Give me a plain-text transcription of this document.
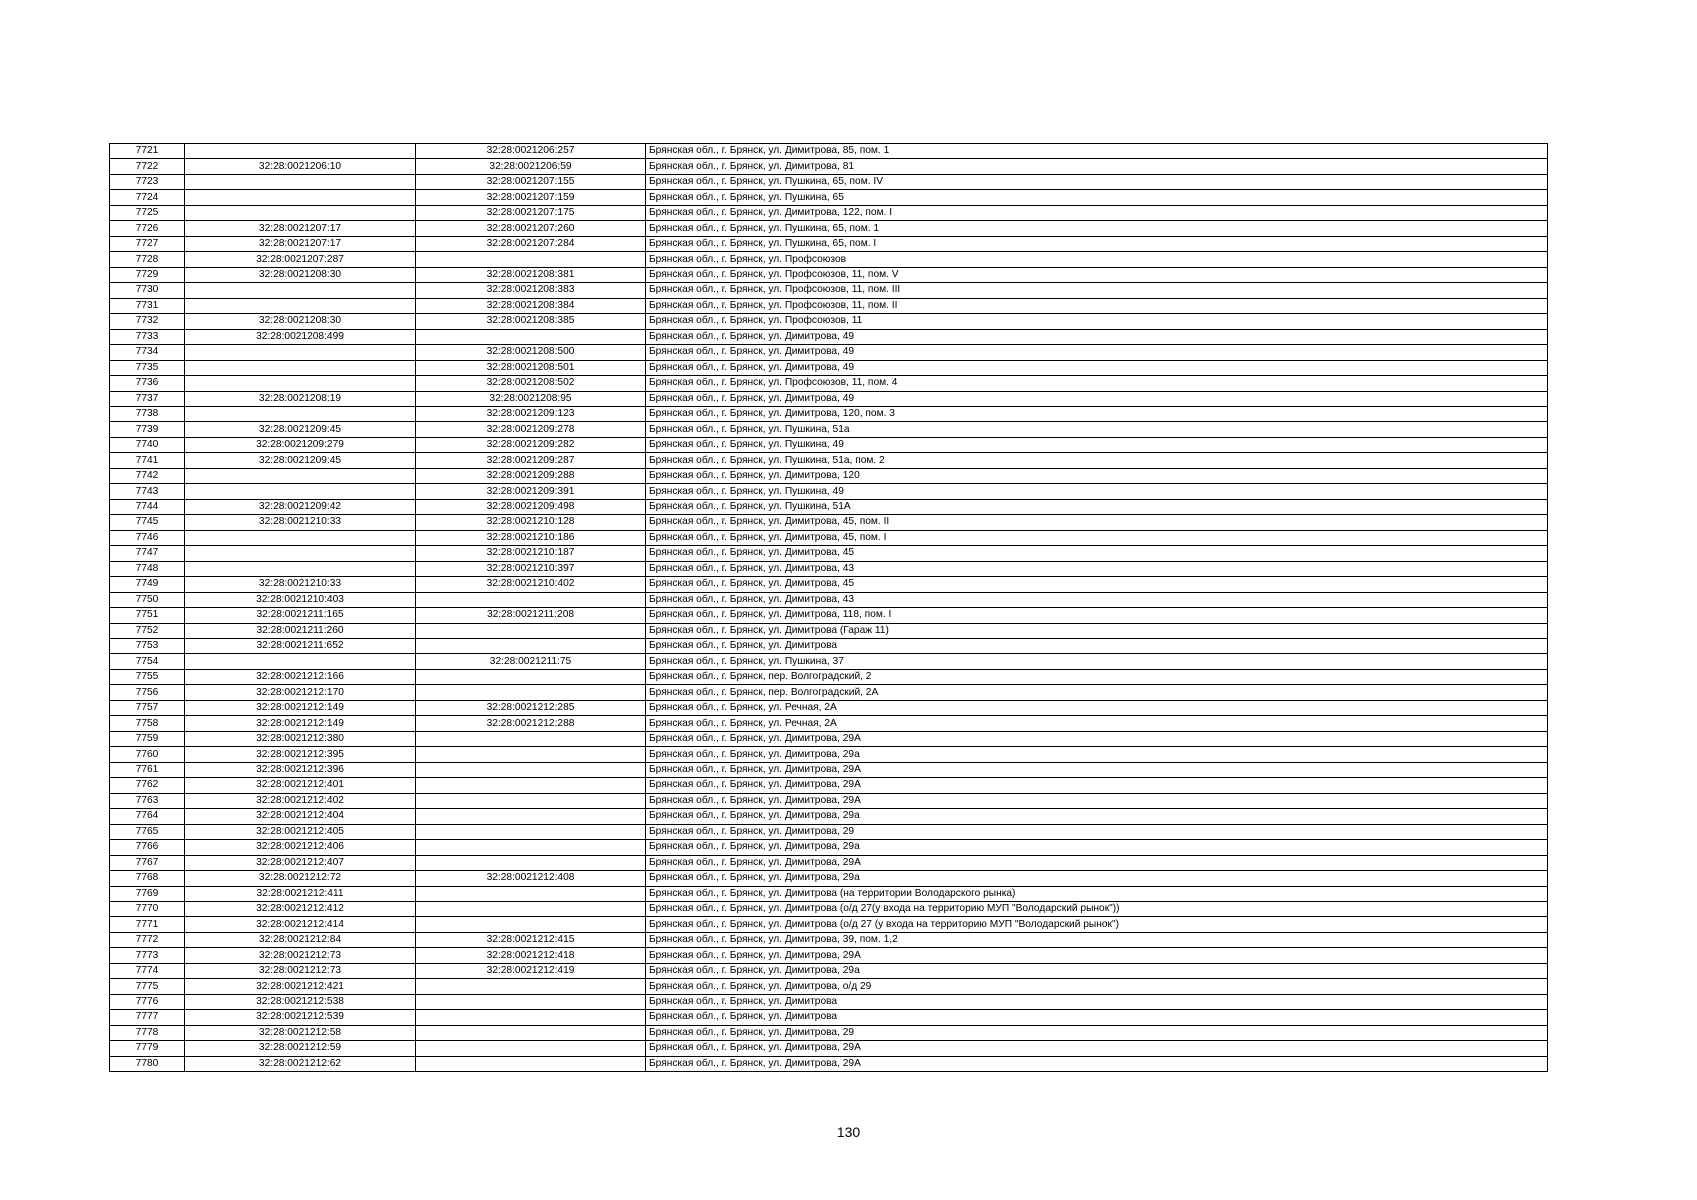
7721		32:28:0021206:257	Брянская обл., г. Брянск, ул. Димитрова, 85, пом. 1
7722	32:28:0021206:10	32:28:0021206:59	Брянская обл., г. Брянск, ул. Димитрова, 81
7723		32:28:0021207:155	Брянская обл., г. Брянск, ул. Пушкина, 65, пом. IV
7724		32:28:0021207:159	Брянская обл., г. Брянск, ул. Пушкина, 65
7725		32:28:0021207:175	Брянская обл., г. Брянск, ул. Димитрова, 122, пом. I
7726	32:28:0021207:17	32:28:0021207:260	Брянская обл., г. Брянск, ул. Пушкина, 65, пом. 1
7727	32:28:0021207:17	32:28:0021207:284	Брянская обл., г. Брянск, ул. Пушкина, 65, пом. I
7728	32:28:0021207:287		Брянская обл., г. Брянск, ул. Профсоюзов
7729	32:28:0021208:30	32:28:0021208:381	Брянская обл., г. Брянск, ул. Профсоюзов, 11, пом. V
7730		32:28:0021208:383	Брянская обл., г. Брянск, ул. Профсоюзов, 11, пом. III
7731		32:28:0021208:384	Брянская обл., г. Брянск, ул. Профсоюзов, 11, пом. II
7732	32:28:0021208:30	32:28:0021208:385	Брянская обл., г. Брянск, ул. Профсоюзов, 11
7733	32:28:0021208:499		Брянская обл., г. Брянск, ул. Димитрова, 49
7734		32:28:0021208:500	Брянская обл., г. Брянск, ул. Димитрова, 49
7735		32:28:0021208:501	Брянская обл., г. Брянск, ул. Димитрова, 49
7736		32:28:0021208:502	Брянская обл., г. Брянск, ул. Профсоюзов, 11, пом. 4
7737	32:28:0021208:19	32:28:0021208:95	Брянская обл., г. Брянск, ул. Димитрова, 49
7738		32:28:0021209:123	Брянская обл., г. Брянск, ул. Димитрова, 120, пом. 3
7739	32:28:0021209:45	32:28:0021209:278	Брянская обл., г. Брянск, ул. Пушкина, 51а
7740	32:28:0021209:279	32:28:0021209:282	Брянская обл., г. Брянск, ул. Пушкина, 49
7741	32:28:0021209:45	32:28:0021209:287	Брянская обл., г. Брянск, ул. Пушкина, 51а, пом. 2
7742		32:28:0021209:288	Брянская обл., г. Брянск, ул. Димитрова, 120
7743		32:28:0021209:391	Брянская обл., г. Брянск, ул. Пушкина, 49
7744	32:28:0021209:42	32:28:0021209:498	Брянская обл., г. Брянск, ул. Пушкина, 51А
7745	32:28:0021210:33	32:28:0021210:128	Брянская обл., г. Брянск, ул. Димитрова, 45, пом. II
7746		32:28:0021210:186	Брянская обл., г. Брянск, ул. Димитрова, 45, пом. I
7747		32:28:0021210:187	Брянская обл., г. Брянск, ул. Димитрова, 45
7748		32:28:0021210:397	Брянская обл., г. Брянск, ул. Димитрова, 43
7749	32:28:0021210:33	32:28:0021210:402	Брянская обл., г. Брянск, ул. Димитрова, 45
7750	32:28:0021210:403		Брянская обл., г. Брянск, ул. Димитрова, 43
7751	32:28:0021211:165	32:28:0021211:208	Брянская обл., г. Брянск, ул. Димитрова, 118, пом. I
7752	32:28:0021211:260		Брянская обл., г. Брянск, ул. Димитрова (Гараж 11)
7753	32:28:0021211:652		Брянская обл., г. Брянск, ул. Димитрова
7754		32:28:0021211:75	Брянская обл., г. Брянск, ул. Пушкина, 37
7755	32:28:0021212:166		Брянская обл., г. Брянск, пер. Волгоградский, 2
7756	32:28:0021212:170		Брянская обл., г. Брянск, пер. Волгоградский, 2А
7757	32:28:0021212:149	32:28:0021212:285	Брянская обл., г. Брянск, ул. Речная, 2А
7758	32:28:0021212:149	32:28:0021212:288	Брянская обл., г. Брянск, ул. Речная, 2А
7759	32:28:0021212:380		Брянская обл., г. Брянск, ул. Димитрова, 29А
7760	32:28:0021212:395		Брянская обл., г. Брянск, ул. Димитрова, 29а
7761	32:28:0021212:396		Брянская обл., г. Брянск, ул. Димитрова, 29А
7762	32:28:0021212:401		Брянская обл., г. Брянск, ул. Димитрова, 29А
7763	32:28:0021212:402		Брянская обл., г. Брянск, ул. Димитрова, 29А
7764	32:28:0021212:404		Брянская обл., г. Брянск, ул. Димитрова, 29а
7765	32:28:0021212:405		Брянская обл., г. Брянск, ул. Димитрова, 29
7766	32:28:0021212:406		Брянская обл., г. Брянск, ул. Димитрова, 29а
7767	32:28:0021212:407		Брянская обл., г. Брянск, ул. Димитрова, 29А
7768	32:28:0021212:72	32:28:0021212:408	Брянская обл., г. Брянск, ул. Димитрова, 29а
7769	32:28:0021212:411		Брянская обл., г. Брянск, ул. Димитрова (на территории Володарского рынка)
7770	32:28:0021212:412		Брянская обл., г. Брянск, ул. Димитрова (о/д 27(у входа на территорию МУП "Володарский рынок"))
7771	32:28:0021212:414		Брянская обл., г. Брянск, ул. Димитрова (о/д 27 (у входа на территорию МУП "Володарский рынок")
7772	32:28:0021212:84	32:28:0021212:415	Брянская обл., г. Брянск, ул. Димитрова, 39, пом. 1,2
7773	32:28:0021212:73	32:28:0021212:418	Брянская обл., г. Брянск, ул. Димитрова, 29А
7774	32:28:0021212:73	32:28:0021212:419	Брянская обл., г. Брянск, ул. Димитрова, 29а
7775	32:28:0021212:421		Брянская обл., г. Брянск, ул. Димитрова, о/д 29
7776	32:28:0021212:538		Брянская обл., г. Брянск, ул. Димитрова
7777	32:28:0021212:539		Брянская обл., г. Брянск, ул. Димитрова
7778	32:28:0021212:58		Брянская обл., г. Брянск, ул. Димитрова, 29
7779	32:28:0021212:59		Брянская обл., г. Брянск, ул. Димитрова, 29А
7780	32:28:0021212:62		Брянская обл., г. Брянск, ул. Димитрова, 29А
130
